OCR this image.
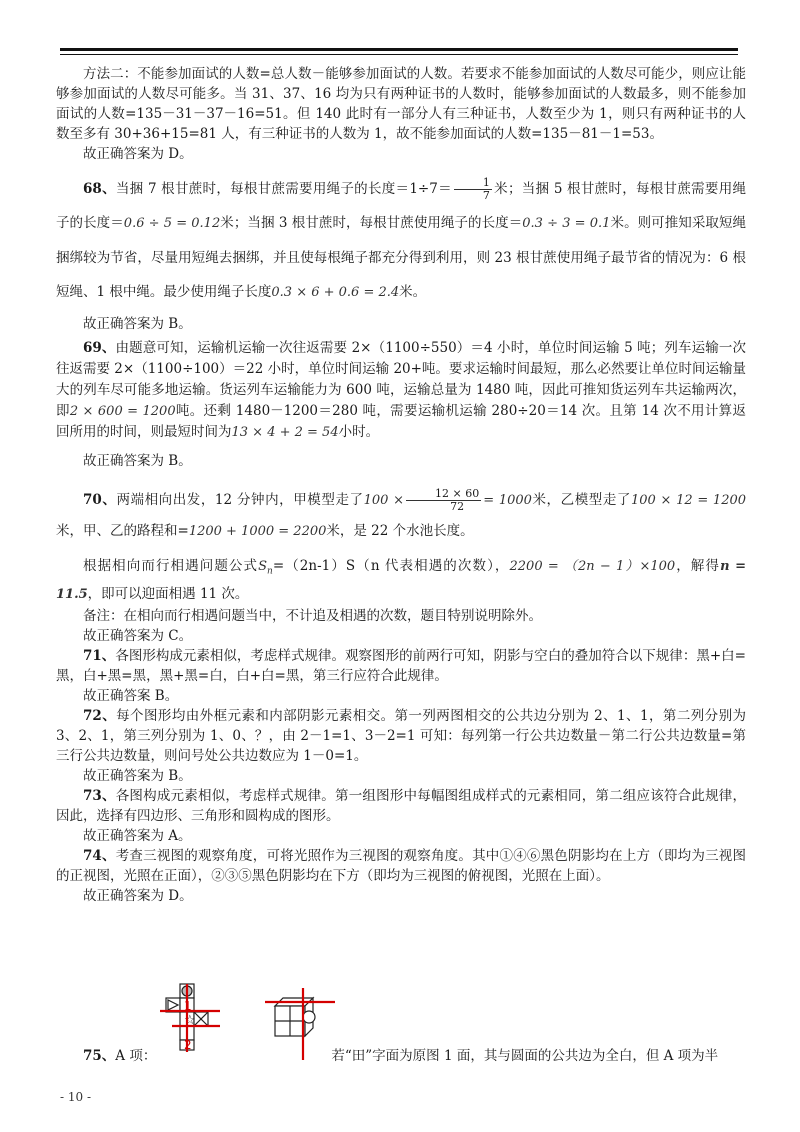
方法二：不能参加面试的人数=总人数－能够参加面试的人数。若要求不能参加面试的人数尽可能少，则应让能够参加面试的人数尽可能多。当 31、37、16 均为只有两种证书的人数时，能够参加面试的人数最多，则不能参加面试的人数=135－31－37－16=51。但 140 此时有一部分人有三种证书，人数至少为 1，则只有两种证书的人数至多有 30+36+15=81 人，有三种证书的人数为 1，故不能参加面试的人数=135－81－1=53。

故正确答案为 D。

68、当捆 7 根甘蔗时，每根甘蔗需要用绳子的长度$=1\div 7= \frac{1}{7}$ 米；当捆 5 根甘蔗时，每根甘蔗需要用绳子的长度＝0.6 ÷ 5 = 0.12米；当捆 3 根甘蔗时，每根甘蔗使用绳子的长度＝0.3 ÷ 3 = 0.1米。则可推知采取短绳捆绑较为节省，尽量用短绳去捆绑，并且使每根绳子都充分得到利用，则 23 根甘蔗使用绳子最节省的情况为：6 根短绳、1 根中绳。最少使用绳子长度0.3 × 6 + 0.6 = 2.4米。

故正确答案为 B。

69、由题意可知，运输机运输一次往返需要 2×（1100÷550）＝4 小时，单位时间运输 5 吨；列车运输一次往返需要 2×（1100÷100）＝22 小时，单位时间运输 20+吨。要求运输时间最短，那么必然要让单位时间运输量大的列车尽可能多地运输。货运列车运输能力为 600 吨，运输总量为 1480 吨，因此可推知货运列车共运输两次，即2 × 600 = 1200吨。还剩 1480－1200＝280 吨，需要运输机运输 280÷20＝14 次。且第 14 次不用计算返回所用的时间，则最短时间为13 × 4 + 2 = 54小时。

故正确答案为 B。

70、两端相向出发，12 分钟内，甲模型走了$100 \times \frac{12 \times 60}{72} = 1000$米，乙模型走了100 × 12 = 1200米，甲、乙的路程和=1200 + 1000 = 2200米，是 22 个水池长度。

根据相向而行相遇问题公式$S_n=(2n-1)S(n$ 代表相遇的次数），2200 = （2n − 1）×100，解得n = 11.5，即可以迎面相遇 11 次。

备注：在相向而行相遇问题当中，不计追及相遇的次数，题目特别说明除外。

故正确答案为 C。

71、各图形构成元素相似，考虑样式规律。观察图形的前两行可知，阴影与空白的叠加符合以下规律：黑+白=黑，白+黑=黑，黑+黑=白，白+白=黑，第三行应符合此规律。

故正确答案 B。

72、每个图形均由外框元素和内部阴影元素相交。第一列两图相交的公共边分别为 2、1、1，第二列分别为 3、2、1，第三列分别为 1、0、？，由 2－1=1、3－2=1 可知：每列第一行公共边数量－第二行公共边数量=第三行公共边数量，则问号处公共边数应为 1－0=1。

故正确答案为 B。

73、各图构成元素相似，考虑样式规律。第一组图形中每幅图组成样式的元素相同，第二组应该符合此规律，因此，选择有四边形、三角形和圆构成的图形。

故正确答案为 A。

74、考查三视图的观察角度，可将光照作为三视图的观察角度。其中①④⑥黑色阴影均在上方（即均为三视图的正视图，光照在正面），②③⑤黑色阴影均在下方（即均为三视图的俯视图，光照在上面）。

故正确答案为 D。

☆
1
2
75、A 项：	若“田”字面为原图 1 面，其与圆面的公共边为全白，但 A 项为半
- 10 -
